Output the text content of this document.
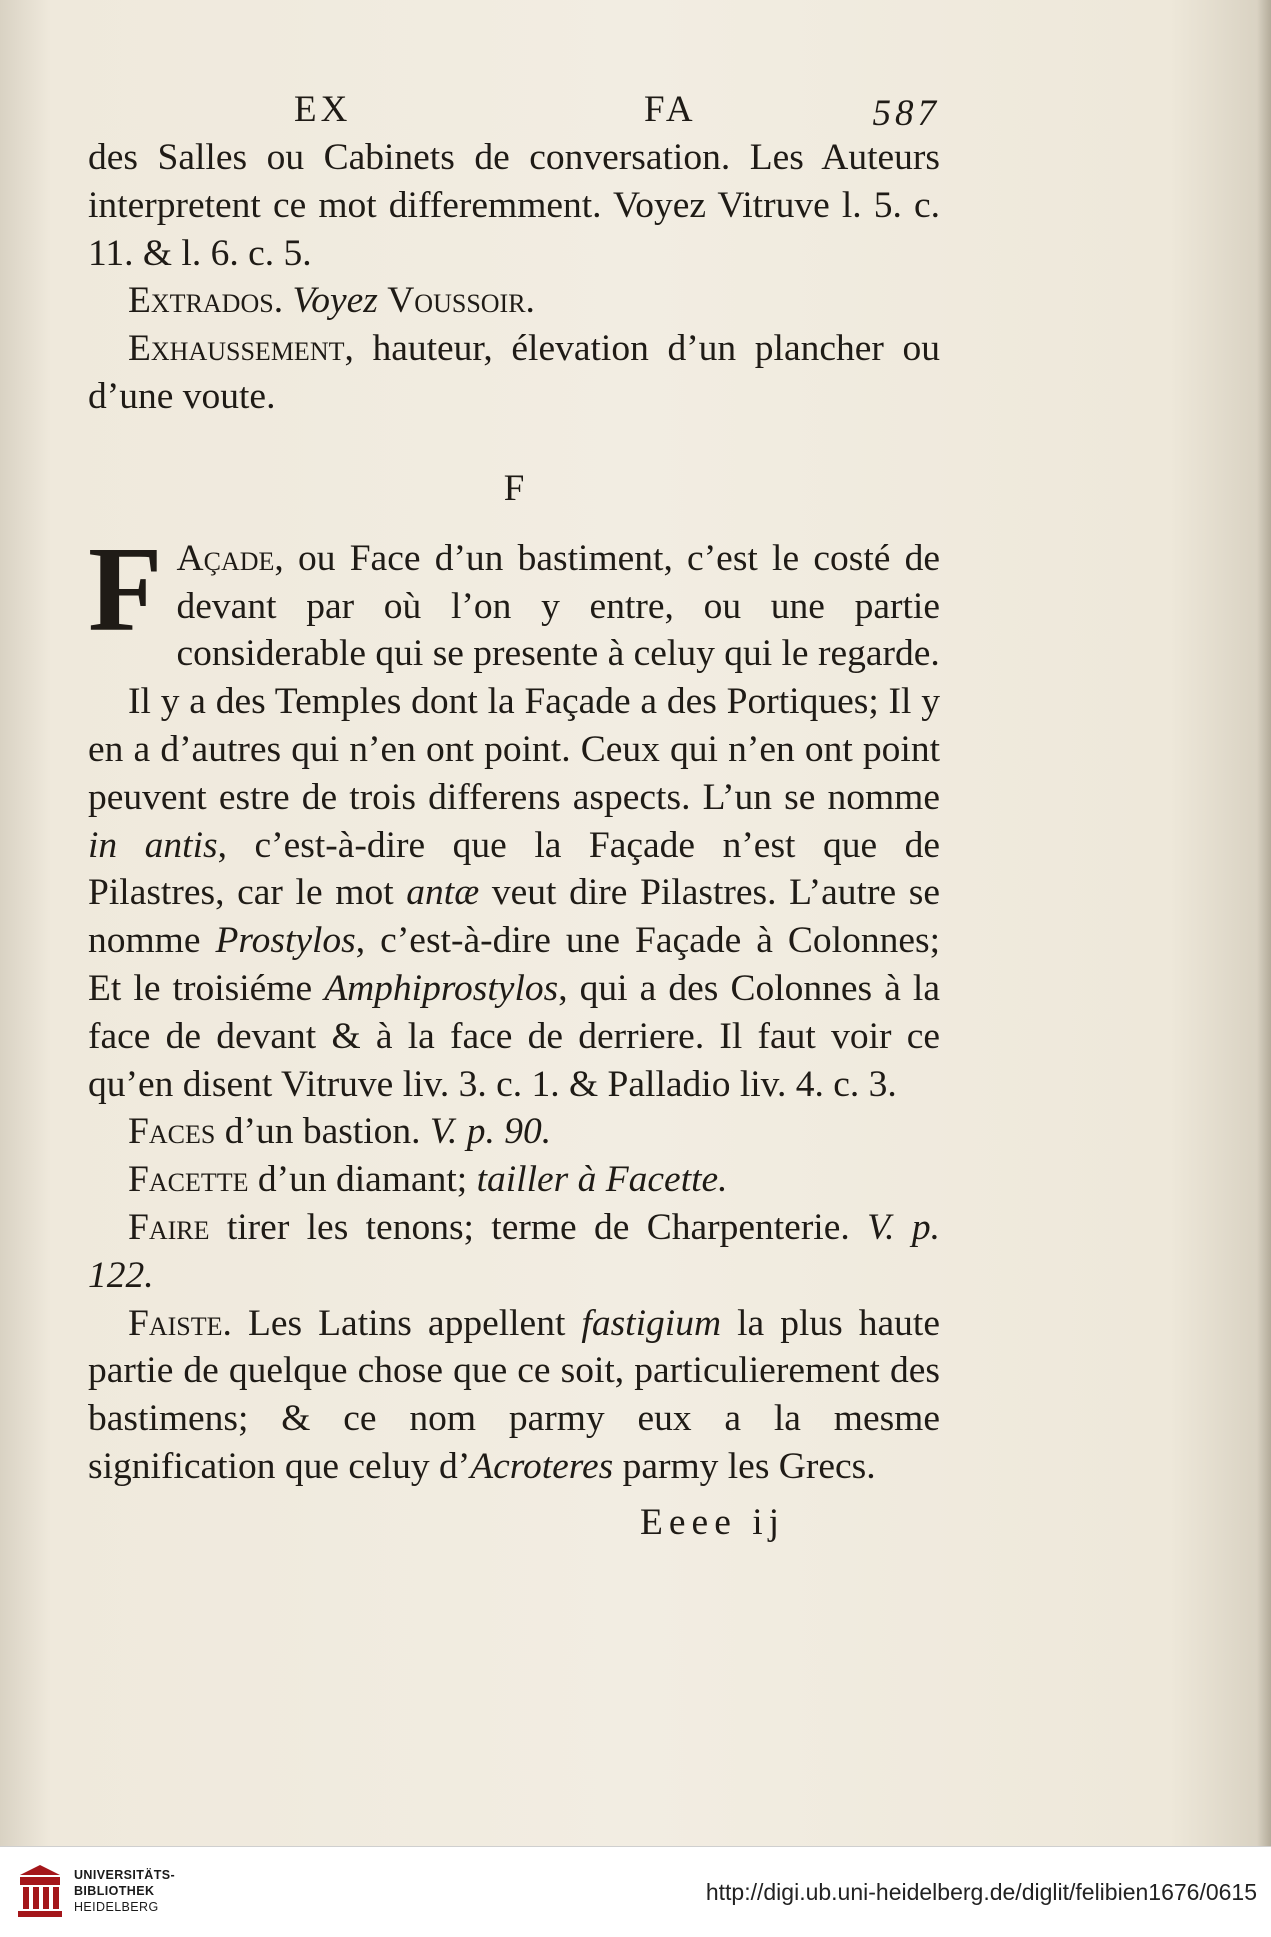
EX	FA	587

des Salles ou Cabinets de conversation. Les Auteurs interpretent ce mot differemment. Voyez Vitruve l. 5. c. 11. & l. 6. c. 5.

Extrados. Voyez Voussoir.

Exhaussement, hauteur, élevation d’un plancher ou d’une voute.

F

F Açade, ou Face d’un bastiment, c’est le costé de devant par où l’on y entre, ou une partie considerable qui se presente à celuy qui le regarde.

Il y a des Temples dont la Façade a des Portiques; Il y en a d’autres qui n’en ont point. Ceux qui n’en ont point peuvent estre de trois differens aspects. L’un se nomme in antis, c’est-à-dire que la Façade n’est que de Pilastres, car le mot antæ veut dire Pilastres. L’autre se nomme Prostylos, c’est-à-dire une Façade à Colonnes; Et le troisiéme Amphiprostylos, qui a des Colonnes à la face de devant & à la face de derriere. Il faut voir ce qu’en disent Vitruve liv. 3. c. 1. & Palladio liv. 4. c. 3.

Faces d’un bastion. V. p. 90.

Facette d’un diamant; tailler à Facette.

Faire tirer les tenons; terme de Charpenterie. V. p. 122.

Faiste. Les Latins appellent fastigium la plus haute partie de quelque chose que ce soit, particulierement des bastimens; & ce nom parmy eux a la mesme signification que celuy d’Acroteres parmy les Grecs.

Eeee ij
UNIVERSITÄTS-
BIBLIOTHEK
HEIDELBERG
http://digi.ub.uni-heidelberg.de/diglit/felibien1676/0615
